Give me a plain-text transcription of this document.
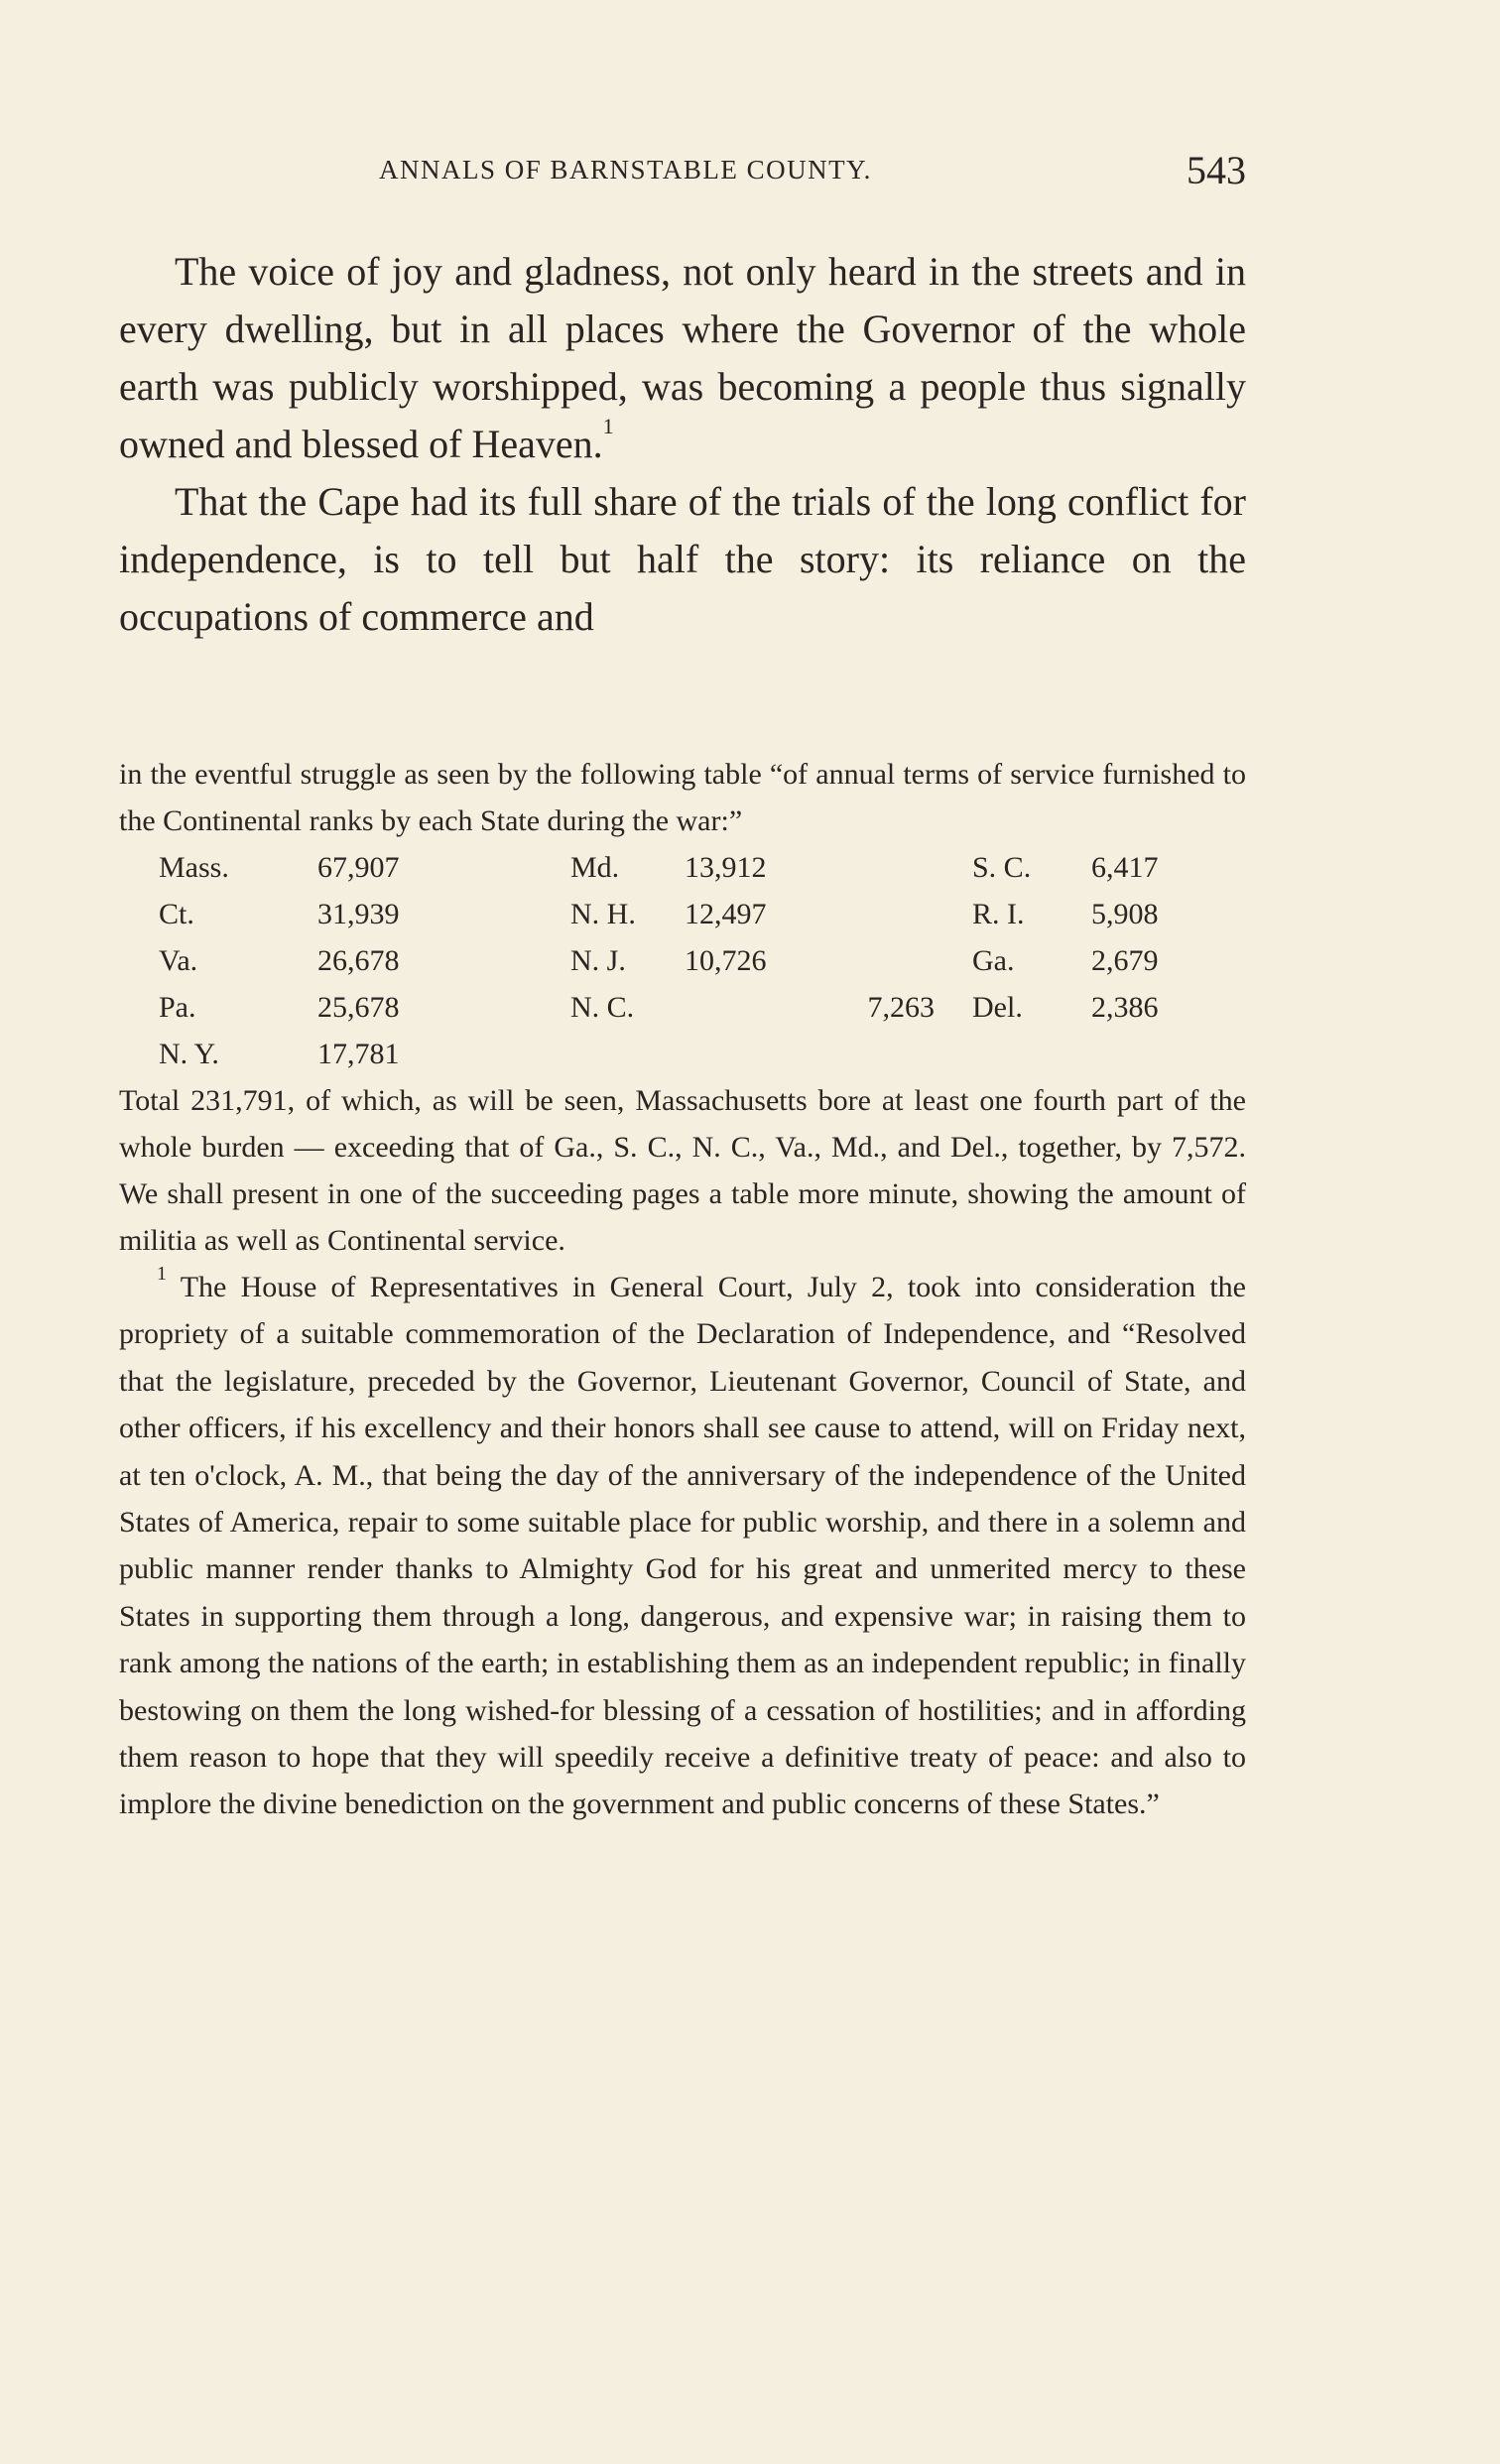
ANNALS OF BARNSTABLE COUNTY.	543

The voice of joy and gladness, not only heard in the streets and in every dwelling, but in all places where the Governor of the whole earth was publicly worshipped, was becoming a people thus signally owned and blessed of Heaven.$^1$

That the Cape had its full share of the trials of the long conflict for independence, is to tell but half the story: its reliance on the occupations of commerce and

in the eventful struggle as seen by the following table “of annual terms of service furnished to the Continental ranks by each State during the war:”

Mass.	67,907	Md.	13,912	S. C.	6,417
Ct.	31,939	N. H.	12,497	R. I.	5,908
Va.	26,678	N. J.	10,726	Ga.	2,679
Pa.	25,678	N. C.	7,263	Del.	2,386
N. Y.	17,781

Total 231,791, of which, as will be seen, Massachusetts bore at least one fourth part of the whole burden — exceeding that of Ga., S. C., N. C., Va., Md., and Del., together, by 7,572. We shall present in one of the succeeding pages a table more minute, showing the amount of militia as well as Continental service.

$^1$ The House of Representatives in General Court, July 2, took into consideration the propriety of a suitable commemoration of the Declaration of Independence, and “Resolved that the legislature, preceded by the Governor, Lieutenant Governor, Council of State, and other officers, if his excellency and their honors shall see cause to attend, will on Friday next, at ten o'clock, A. M., that being the day of the anniversary of the independence of the United States of America, repair to some suitable place for public worship, and there in a solemn and public manner render thanks to Almighty God for his great and unmerited mercy to these States in supporting them through a long, dangerous, and expensive war; in raising them to rank among the nations of the earth; in establishing them as an independent republic; in finally bestowing on them the long wished-for blessing of a cessation of hostilities; and in affording them reason to hope that they will speedily receive a definitive treaty of peace: and also to implore the divine benediction on the government and public concerns of these States.”
